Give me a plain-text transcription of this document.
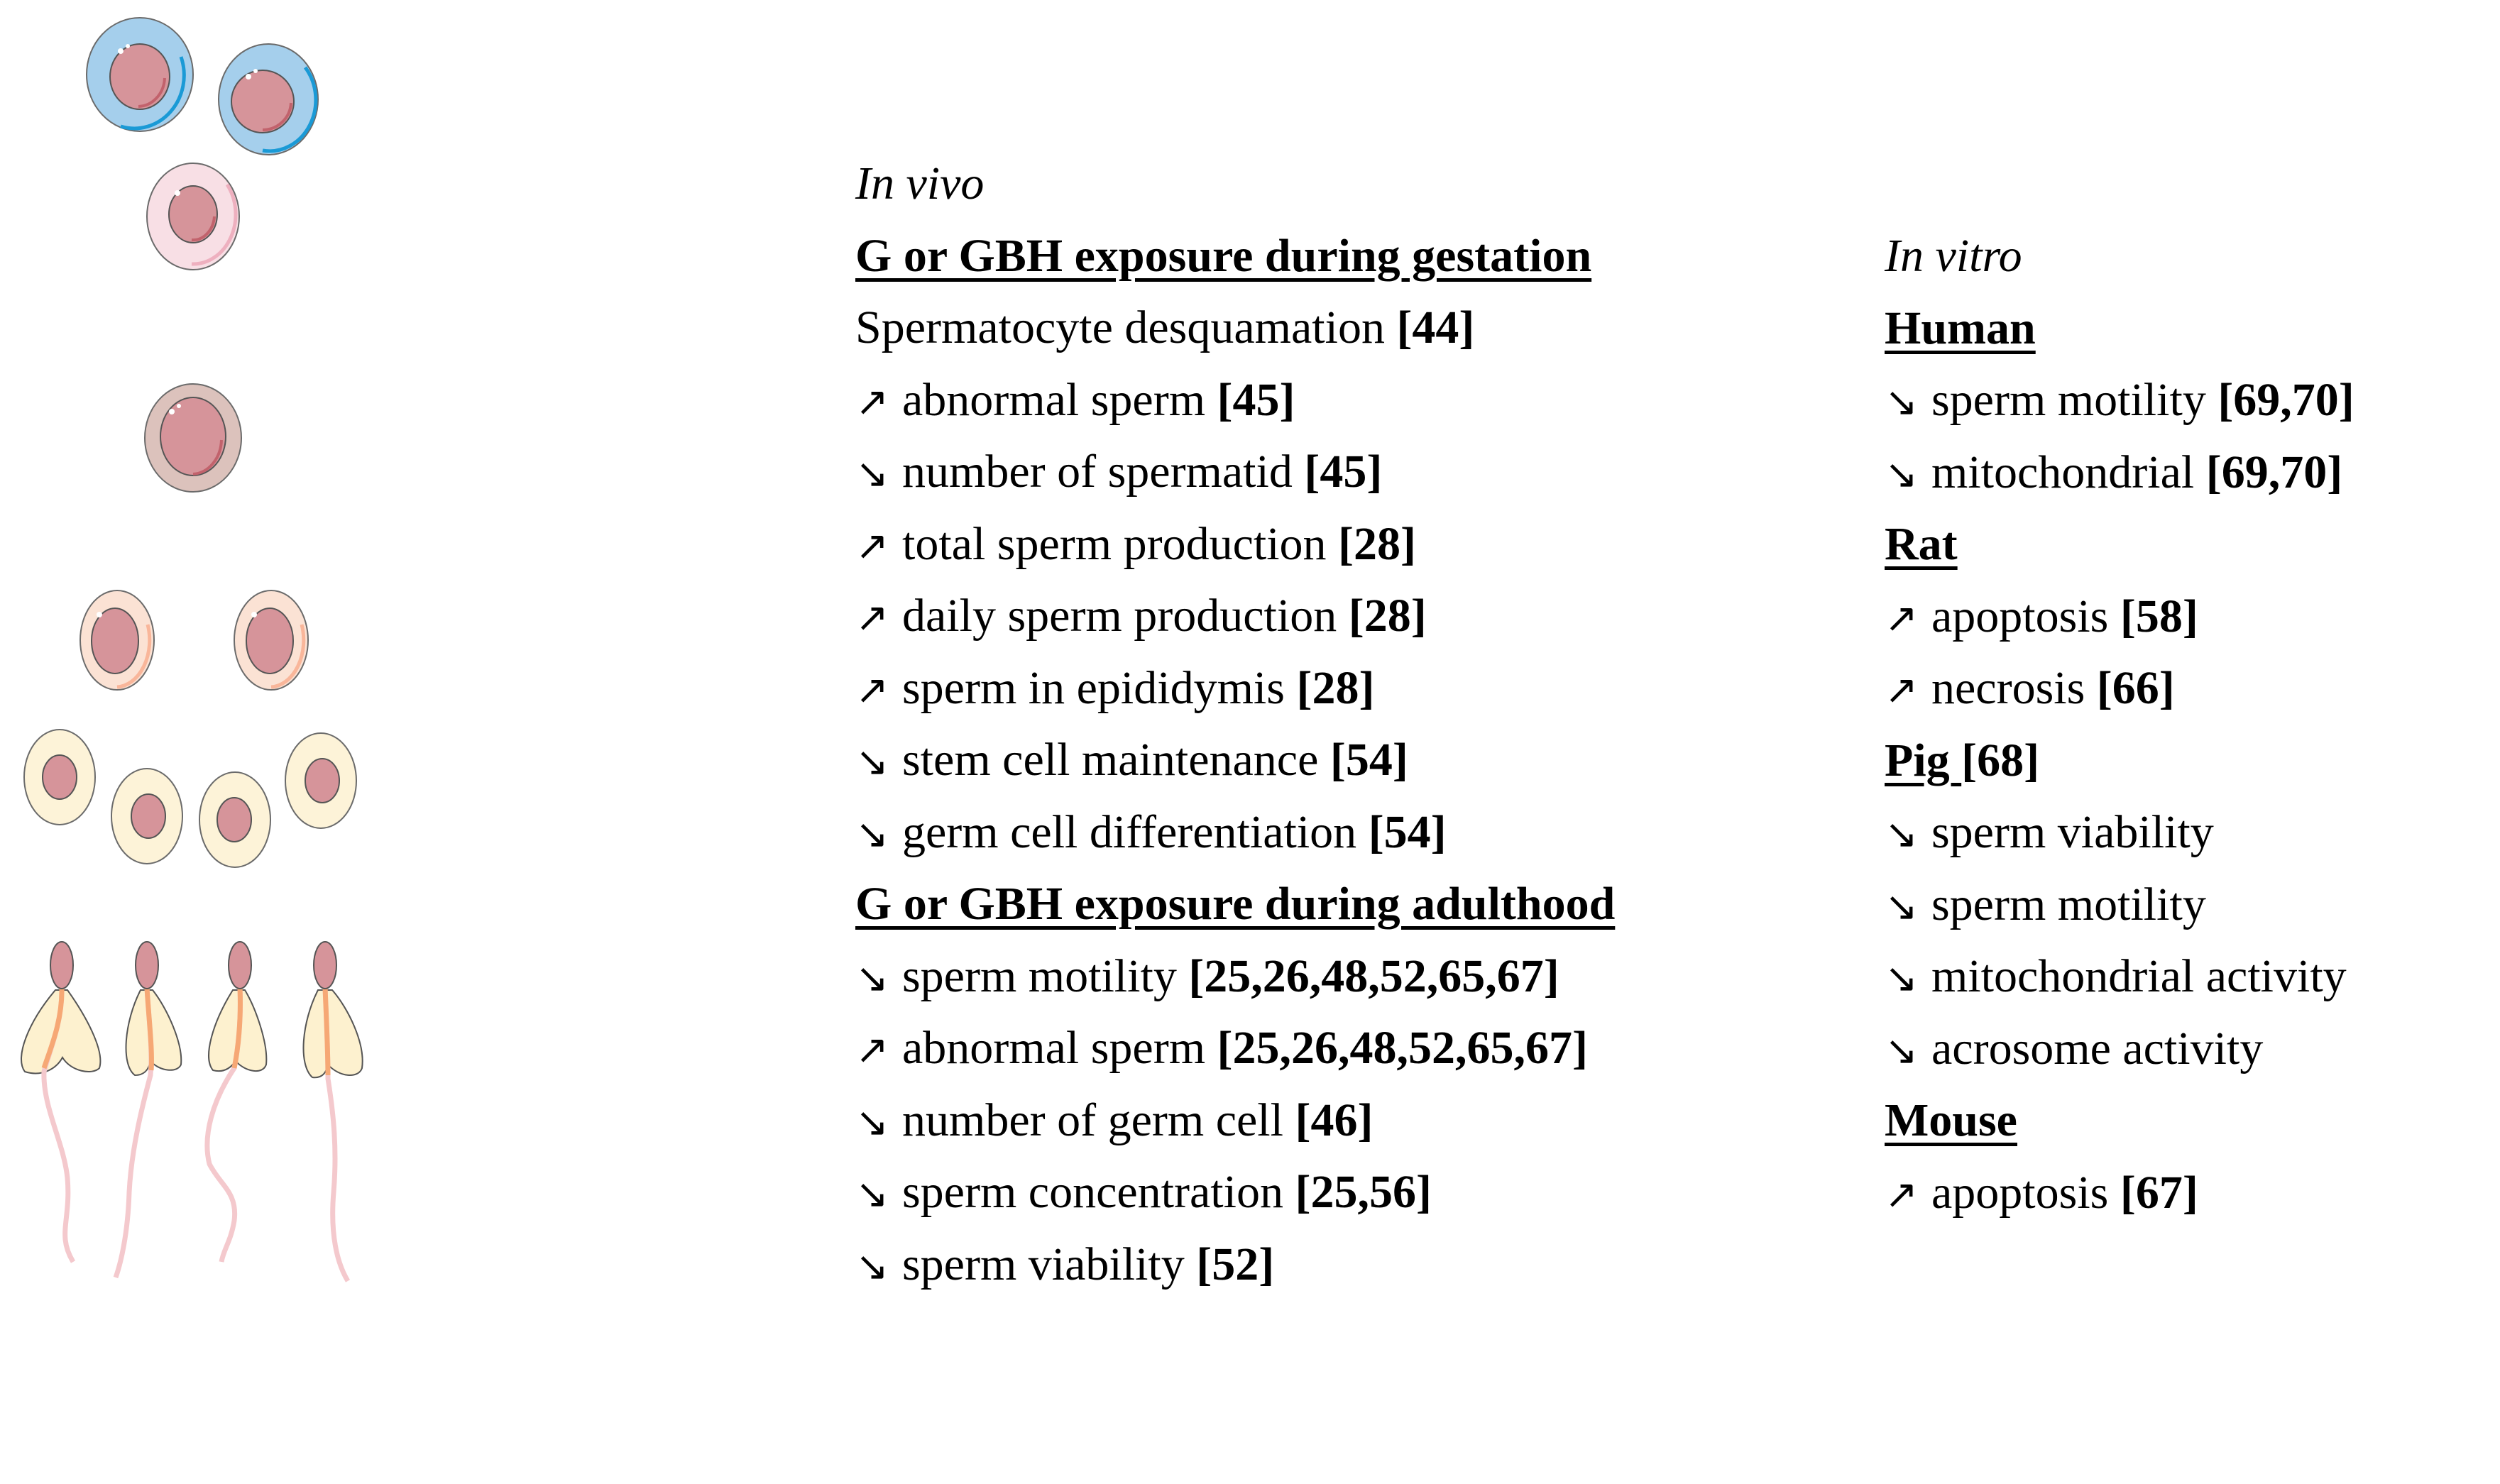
In vivo
G or GBH exposure during gestation
Spermatocyte desquamation [44]
↗ abnormal sperm [45]
↘ number of spermatid [45]
↗ total sperm production [28]
↗ daily sperm production [28]
↗ sperm in epididymis [28]
↘ stem cell maintenance [54]
↘ germ cell differentiation [54]
G or GBH exposure during adulthood
↘ sperm motility [25,26,48,52,65,67]
↗ abnormal sperm [25,26,48,52,65,67]
↘ number of germ cell [46]
↘ sperm concentration [25,56]
↘ sperm viability [52]
In vitro
Human
↘ sperm motility [69,70]
↘ mitochondrial [69,70]
Rat
↗ apoptosis [58]
↗ necrosis [66]
Pig [68]
↘ sperm viability
↘ sperm motility
↘ mitochondrial activity
↘ acrosome activity
Mouse
↗ apoptosis [67]
